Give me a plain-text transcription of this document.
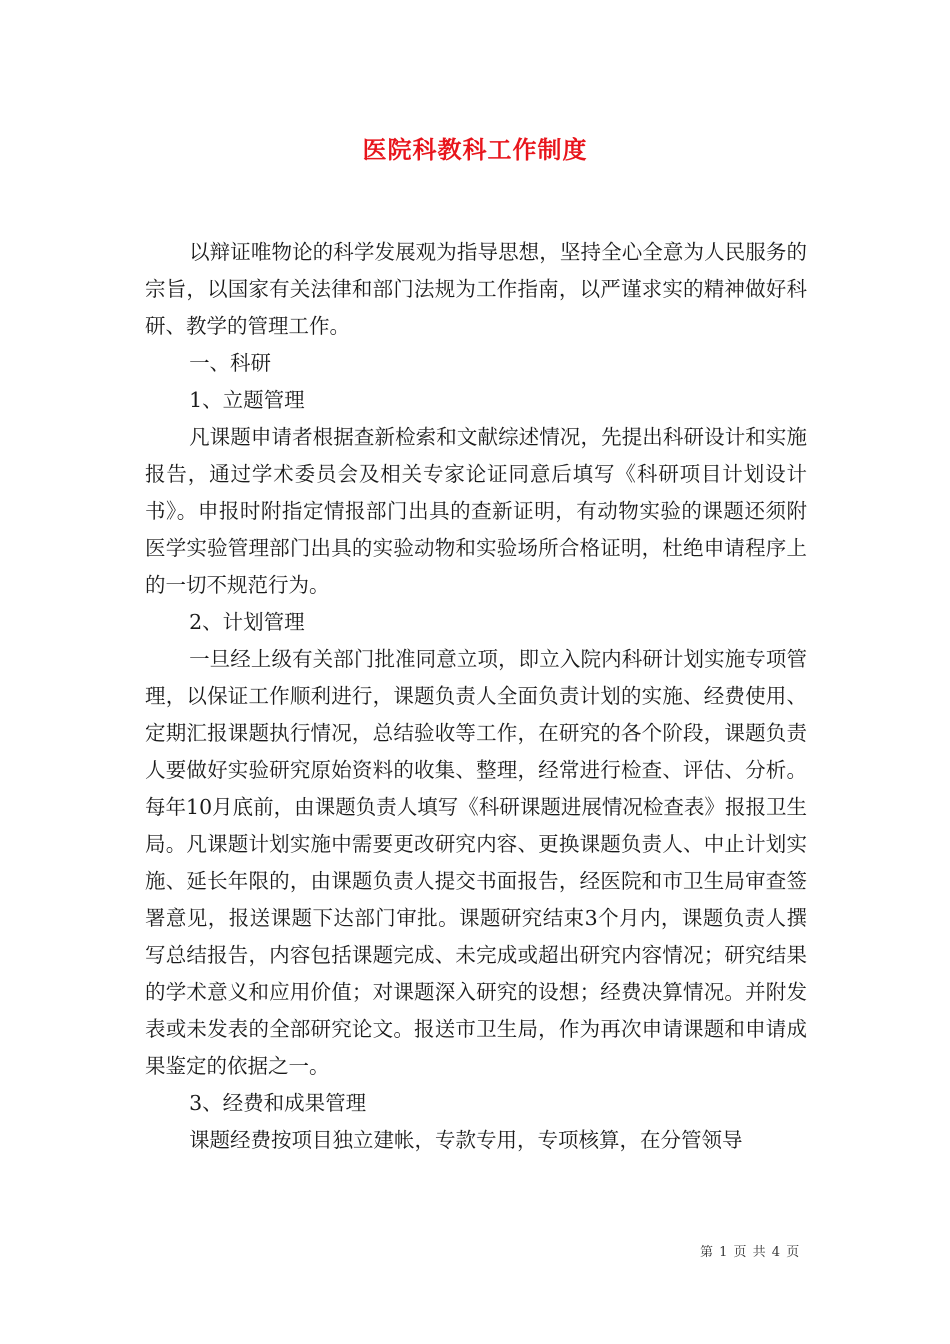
医院科教科工作制度

以辩证唯物论的科学发展观为指导思想，坚持全心全意为人民服务的宗旨，以国家有关法律和部门法规为工作指南，以严谨求实的精神做好科研、教学的管理工作。

一、科研

1、立题管理

凡课题申请者根据查新检索和文献综述情况，先提出科研设计和实施报告，通过学术委员会及相关专家论证同意后填写《科研项目计划设计书》。申报时附指定情报部门出具的查新证明，有动物实验的课题还须附医学实验管理部门出具的实验动物和实验场所合格证明，杜绝申请程序上的一切不规范行为。

2、计划管理

一旦经上级有关部门批准同意立项，即立入院内科研计划实施专项管理，以保证工作顺利进行，课题负责人全面负责计划的实施、经费使用、定期汇报课题执行情况，总结验收等工作，在研究的各个阶段，课题负责人要做好实验研究原始资料的收集、整理，经常进行检查、评估、分析。每年10月底前，由课题负责人填写《科研课题进展情况检查表》报报卫生局。凡课题计划实施中需要更改研究内容、更换课题负责人、中止计划实施、延长年限的，由课题负责人提交书面报告，经医院和市卫生局审查签署意见，报送课题下达部门审批。课题研究结束3个月内，课题负责人撰写总结报告，内容包括课题完成、未完成或超出研究内容情况；研究结果的学术意义和应用价值；对课题深入研究的设想；经费决算情况。并附发表或未发表的全部研究论文。报送市卫生局，作为再次申请课题和申请成果鉴定的依据之一。

3、经费和成果管理

课题经费按项目独立建帐，专款专用，专项核算，在分管领导

第 1 页 共 4 页
